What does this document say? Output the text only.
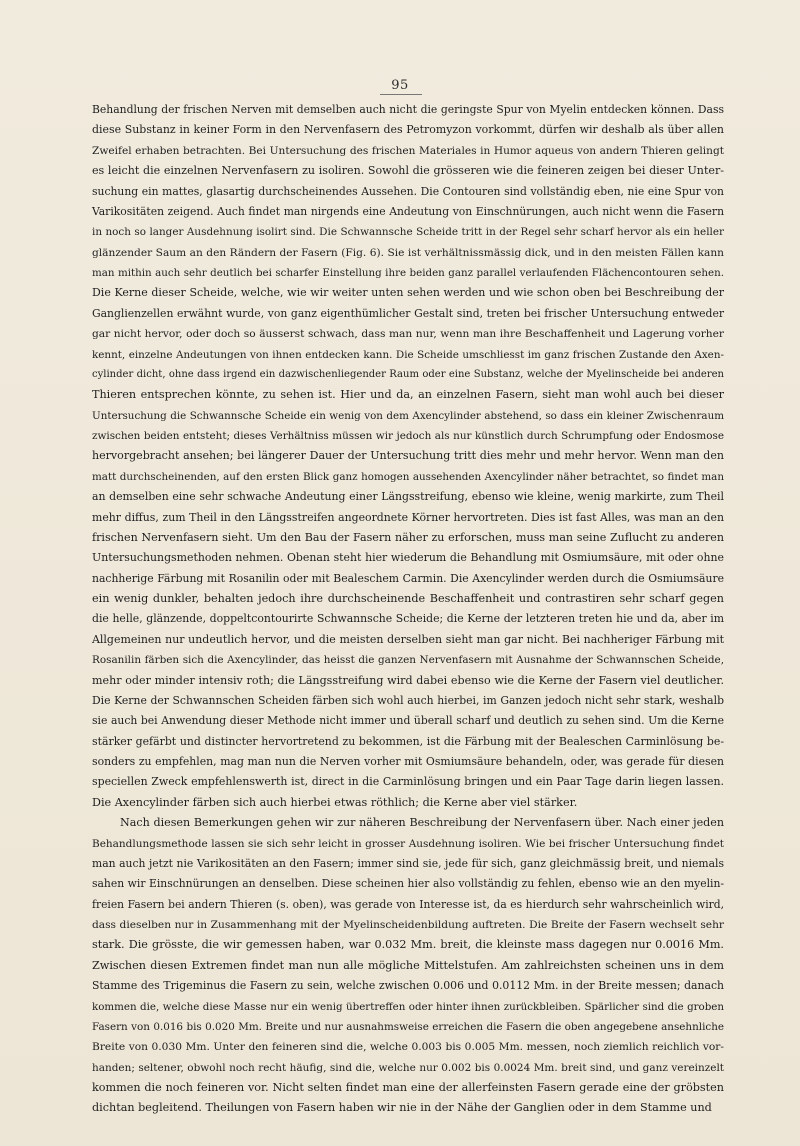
95
Behandlung der frischen Nerven mit demselben auch nicht die geringste Spur von Myelin entdecken können. Dass
diese Substanz in keiner Form in den Nervenfasern des Petromyzon vorkommt, dürfen wir deshalb als über allen
Zweifel erhaben betrachten. Bei Untersuchung des frischen Materiales in Humor aqueus von andern Thieren gelingt
es leicht die einzelnen Nervenfasern zu isoliren. Sowohl die grösseren wie die feineren zeigen bei dieser Unter-
suchung ein mattes, glasartig durchscheinendes Aussehen. Die Contouren sind vollständig eben, nie eine Spur von
Varikositäten zeigend. Auch findet man nirgends eine Andeutung von Einschnürungen, auch nicht wenn die Fasern
in noch so langer Ausdehnung isolirt sind. Die Schwannsche Scheide tritt in der Regel sehr scharf hervor als ein heller
glänzender Saum an den Rändern der Fasern (Fig. 6). Sie ist verhältnissmässig dick, und in den meisten Fällen kann
man mithin auch sehr deutlich bei scharfer Einstellung ihre beiden ganz parallel verlaufenden Flächencontouren sehen.
Die Kerne dieser Scheide, welche, wie wir weiter unten sehen werden und wie schon oben bei Beschreibung der
Ganglienzellen erwähnt wurde, von ganz eigenthümlicher Gestalt sind, treten bei frischer Untersuchung entweder
gar nicht hervor, oder doch so äusserst schwach, dass man nur, wenn man ihre Beschaffenheit und Lagerung vorher
kennt, einzelne Andeutungen von ihnen entdecken kann. Die Scheide umschliesst im ganz frischen Zustande den Axen-
cylinder dicht, ohne dass irgend ein dazwischenliegender Raum oder eine Substanz, welche der Myelinscheide bei anderen
Thieren entsprechen könnte, zu sehen ist. Hier und da, an einzelnen Fasern, sieht man wohl auch bei dieser
Untersuchung die Schwannsche Scheide ein wenig von dem Axencylinder abstehend, so dass ein kleiner Zwischenraum
zwischen beiden entsteht; dieses Verhältniss müssen wir jedoch als nur künstlich durch Schrumpfung oder Endosmose
hervorgebracht ansehen; bei längerer Dauer der Untersuchung tritt dies mehr und mehr hervor. Wenn man den
matt durchscheinenden, auf den ersten Blick ganz homogen aussehenden Axencylinder näher betrachtet, so findet man
an demselben eine sehr schwache Andeutung einer Längsstreifung, ebenso wie kleine, wenig markirte, zum Theil
mehr diffus, zum Theil in den Längsstreifen angeordnete Körner hervortreten. Dies ist fast Alles, was man an den
frischen Nervenfasern sieht. Um den Bau der Fasern näher zu erforschen, muss man seine Zuflucht zu anderen
Untersuchungsmethoden nehmen. Obenan steht hier wiederum die Behandlung mit Osmiumsäure, mit oder ohne
nachherige Färbung mit Rosanilin oder mit Bealeschem Carmin. Die Axencylinder werden durch die Osmiumsäure
ein wenig dunkler, behalten jedoch ihre durchscheinende Beschaffenheit und contrastiren sehr scharf gegen
die helle, glänzende, doppeltcontourirte Schwannsche Scheide; die Kerne der letzteren treten hie und da, aber im
Allgemeinen nur undeutlich hervor, und die meisten derselben sieht man gar nicht. Bei nachheriger Färbung mit
Rosanilin färben sich die Axencylinder, das heisst die ganzen Nervenfasern mit Ausnahme der Schwannschen Scheide,
mehr oder minder intensiv roth; die Längsstreifung wird dabei ebenso wie die Kerne der Fasern viel deutlicher.
Die Kerne der Schwannschen Scheiden färben sich wohl auch hierbei, im Ganzen jedoch nicht sehr stark, weshalb
sie auch bei Anwendung dieser Methode nicht immer und überall scharf und deutlich zu sehen sind. Um die Kerne
stärker gefärbt und distincter hervortretend zu bekommen, ist die Färbung mit der Bealeschen Carminlösung be-
sonders zu empfehlen, mag man nun die Nerven vorher mit Osmiumsäure behandeln, oder, was gerade für diesen
speciellen Zweck empfehlenswerth ist, direct in die Carminlösung bringen und ein Paar Tage darin liegen lassen.
Die Axencylinder färben sich auch hierbei etwas röthlich; die Kerne aber viel stärker.
Nach diesen Bemerkungen gehen wir zur näheren Beschreibung der Nervenfasern über. Nach einer jeden
Behandlungsmethode lassen sie sich sehr leicht in grosser Ausdehnung isoliren. Wie bei frischer Untersuchung findet
man auch jetzt nie Varikositäten an den Fasern; immer sind sie, jede für sich, ganz gleichmässig breit, und niemals
sahen wir Einschnürungen an denselben. Diese scheinen hier also vollständig zu fehlen, ebenso wie an den myelin-
freien Fasern bei andern Thieren (s. oben), was gerade von Interesse ist, da es hierdurch sehr wahrscheinlich wird,
dass dieselben nur in Zusammenhang mit der Myelinscheidenbildung auftreten. Die Breite der Fasern wechselt sehr
stark. Die grösste, die wir gemessen haben, war 0.032 Mm. breit, die kleinste mass dagegen nur 0.0016 Mm.
Zwischen diesen Extremen findet man nun alle mögliche Mittelstufen. Am zahlreichsten scheinen uns in dem
Stamme des Trigeminus die Fasern zu sein, welche zwischen 0.006 und 0.0112 Mm. in der Breite messen; danach
kommen die, welche diese Masse nur ein wenig übertreffen oder hinter ihnen zurückbleiben. Spärlicher sind die groben
Fasern von 0.016 bis 0.020 Mm. Breite und nur ausnahmsweise erreichen die Fasern die oben angegebene ansehnliche
Breite von 0.030 Mm. Unter den feineren sind die, welche 0.003 bis 0.005 Mm. messen, noch ziemlich reichlich vor-
handen; seltener, obwohl noch recht häufig, sind die, welche nur 0.002 bis 0.0024 Mm. breit sind, und ganz vereinzelt
kommen die noch feineren vor. Nicht selten findet man eine der allerfeinsten Fasern gerade eine der gröbsten
dichtan begleitend. Theilungen von Fasern haben wir nie in der Nähe der Ganglien oder in dem Stamme und
